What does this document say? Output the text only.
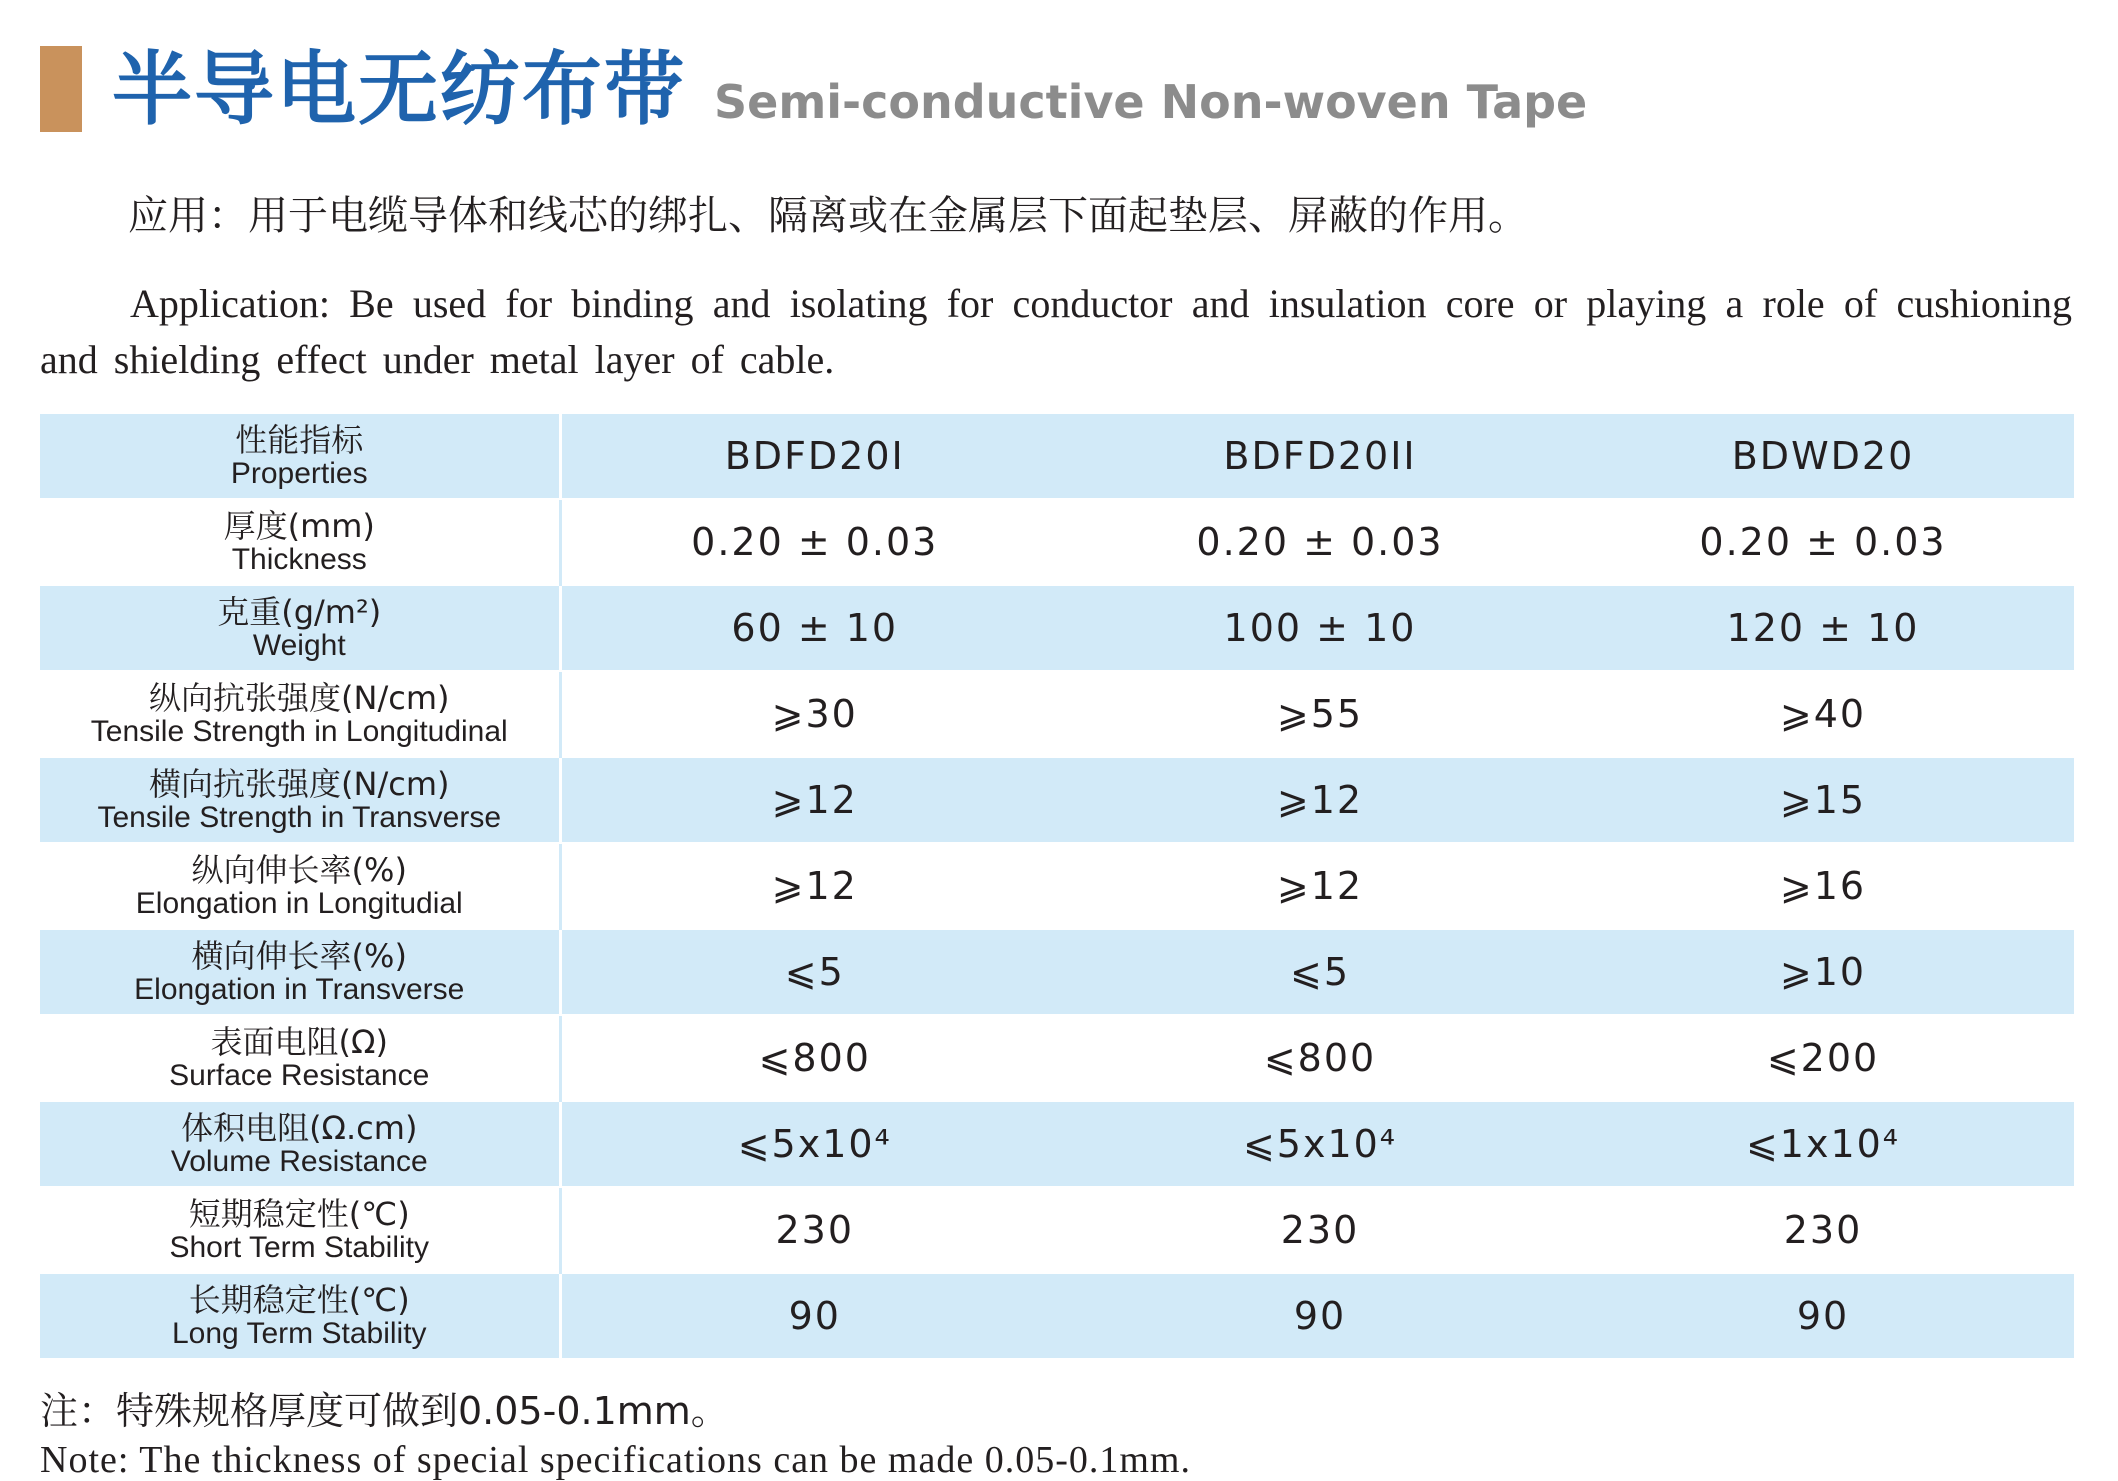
半导电无纺布带 Semi-conductive Non-woven Tape
应用：用于电缆导体和线芯的绑扎、隔离或在金属层下面起垫层、屏蔽的作用。
Application: Be used for binding and isolating for conductor and insulation core or playing a role of cushioning and shielding effect under metal layer of cable.
性能指标
Properties	BDFD20I	BDFD20II	BDWD20

厚度(mm)
Thickness	0.20 ± 0.03	0.20 ± 0.03	0.20 ± 0.03

克重(g/m²)
Weight	60 ± 10	100 ± 10	120 ± 10

纵向抗张强度(N/cm)
Tensile Strength in Longitudinal	⩾30	⩾55	⩾40

横向抗张强度(N/cm)
Tensile Strength in Transverse	⩾12	⩾12	⩾15

纵向伸长率(%)
Elongation in Longitudial	⩾12	⩾12	⩾16

横向伸长率(%)
Elongation in Transverse	⩽5	⩽5	⩾10

表面电阻(Ω)
Surface Resistance	⩽800	⩽800	⩽200

体积电阻(Ω.cm)
Volume Resistance	⩽5x10⁴	⩽5x10⁴	⩽1x10⁴

短期稳定性(℃)
Short Term Stability	230	230	230

长期稳定性(℃)
Long Term Stability	90	90	90
注：特殊规格厚度可做到0.05-0.1mm。
Note: The thickness of special specifications can be made 0.05-0.1mm.
